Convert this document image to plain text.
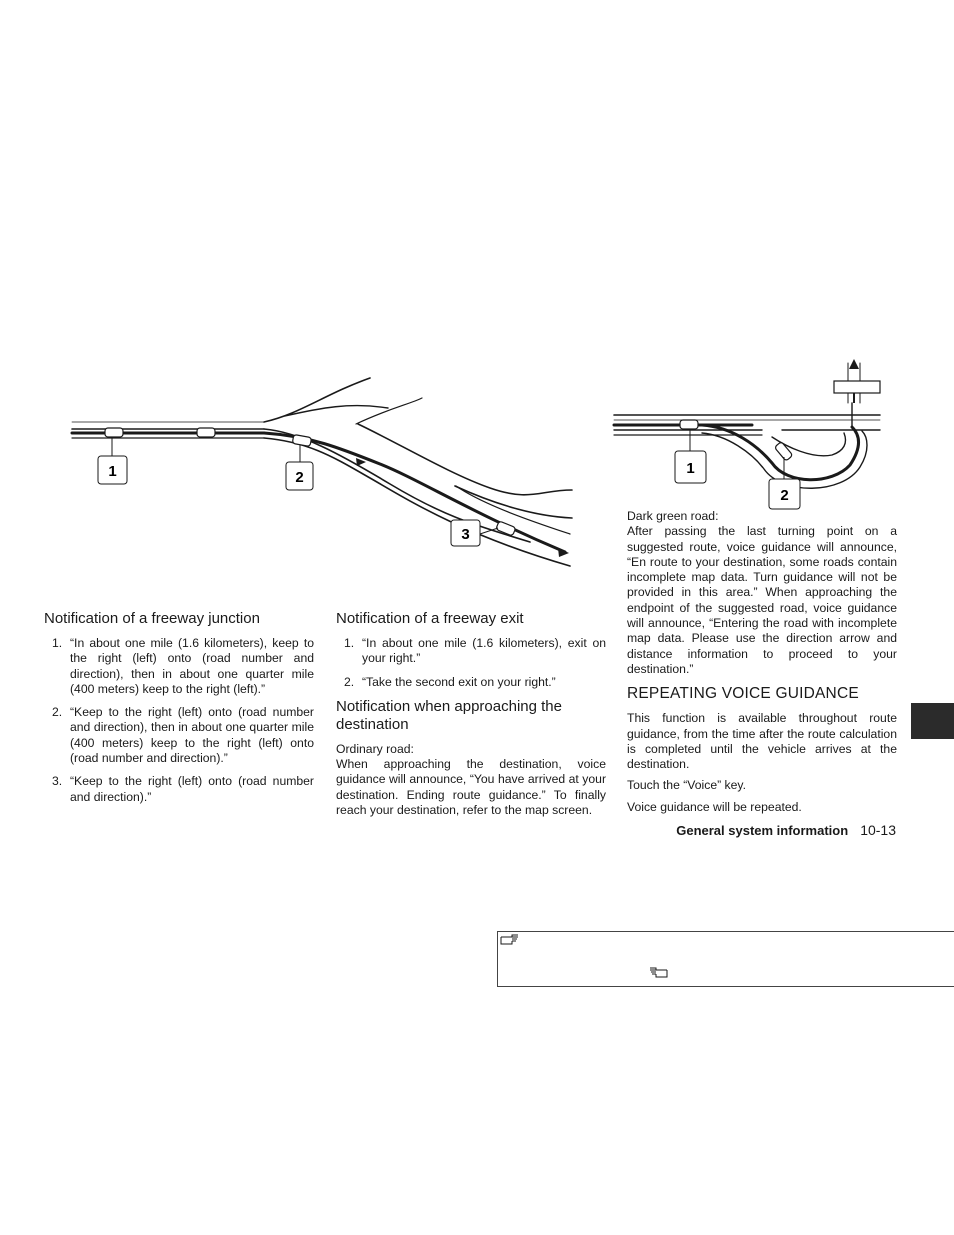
1	2
3
1
2
Notification of a freeway junction
1. “In about one mile (1.6 kilometers), keep to the right (left) onto (road number and direction), then in about one quarter mile (400 meters) keep to the right (left).”
2. “Keep to the right (left) onto (road number and direction), then in about one quarter mile (400 meters) keep to the right (left) onto (road number and direction).”
3. “Keep to the right (left) onto (road number and direction).”
Notification of a freeway exit
1. “In about one mile (1.6 kilometers), exit on your right.”
2. “Take the second exit on your right.”
Notification when approaching the destination
Ordinary road:

When approaching the destination, voice guidance will announce, “You have arrived at your destination. Ending route guidance.” To finally reach your destination, refer to the map screen.

Dark green road:

After passing the last turning point on a suggested route, voice guidance will announce, “En route to your destination, some roads contain incomplete map data. Turn guidance will not be provided in this area.” When approaching the endpoint of the suggested road, voice guidance will announce, “Entering the road with incomplete map data. Please use the direction arrow and distance information to proceed to your destination.”

REPEATING VOICE GUIDANCE

This function is available throughout route guidance, from the time after the route calculation is completed until the vehicle arrives at the destination.

Touch the “Voice” key.

Voice guidance will be repeated.

General system information 10-13
